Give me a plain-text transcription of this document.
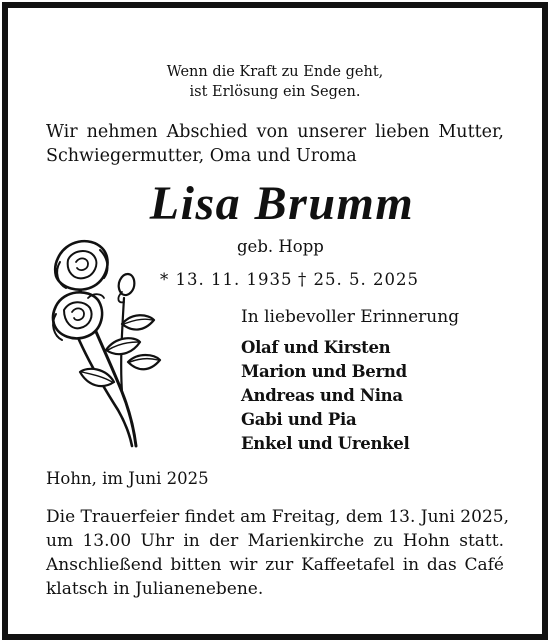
Wenn die Kraft zu Ende geht,
ist Erlösung ein Segen.
Wir nehmen Abschied von unserer lieben Mutter,
Schwiegermutter, Oma und Uroma
Lisa Brumm
geb. Hopp
* 13. 11. 1935 † 25. 5. 2025
In liebevoller Erinnerung
Olaf und Kirsten
Marion und Bernd
Andreas und Nina
Gabi und Pia
Enkel und Urenkel
Hohn, im Juni 2025
Die Trauerfeier findet am Freitag, dem 13. Juni 2025,
um 13.00 Uhr in der Marienkirche zu Hohn statt.
Anschließend bitten wir zur Kaffeetafel in das Café
klatsch in Julianenebene.
